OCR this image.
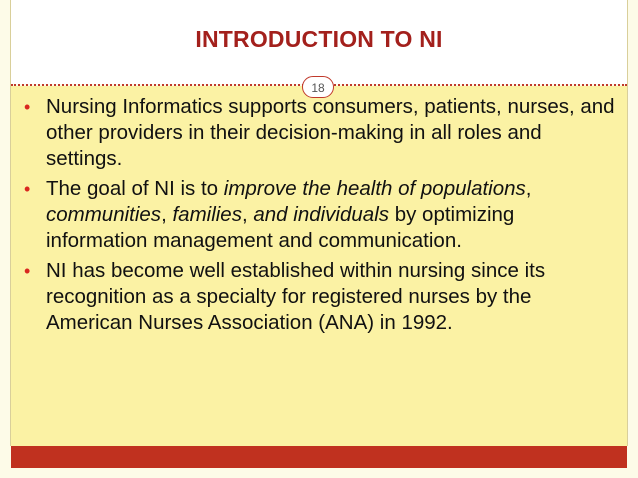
INTRODUCTION TO NI
18
• Nursing Informatics supports consumers, patients, nurses, and other providers in their decision-making in all roles and settings.
• The goal of NI is to improve the health of populations, communities, families, and individuals by optimizing information management and communication.
• NI has become well established within nursing since its recognition as a specialty for registered nurses by the American Nurses Association (ANA) in 1992.
